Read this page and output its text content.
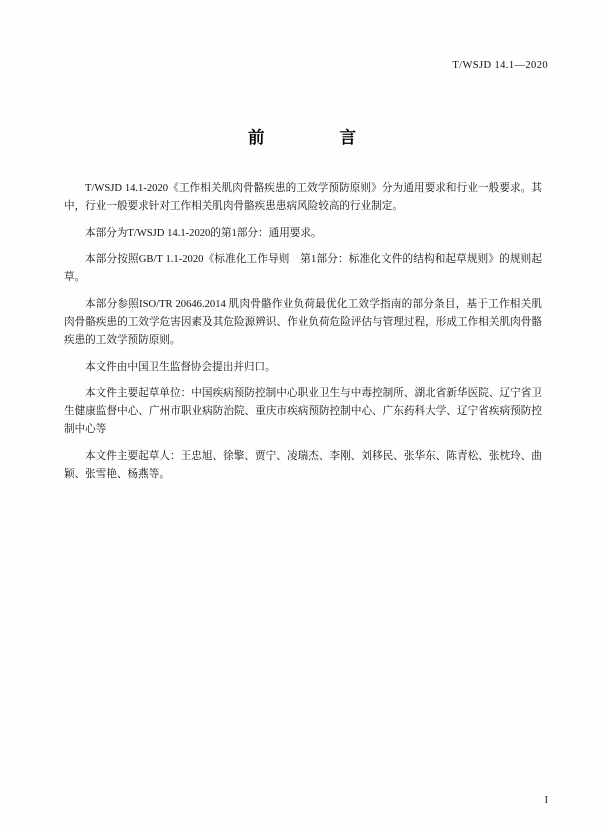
T/WSJD 14.1—2020
前　　言

T/WSJD 14.1-2020《工作相关肌肉骨骼疾患的工效学预防原则》分为通用要求和行业一般要求。其中，行业一般要求针对工作相关肌肉骨骼疾患患病风险较高的行业制定。

本部分为T/WSJD 14.1-2020的第1部分：通用要求。

本部分按照GB/T 1.1-2020《标准化工作导则　第1部分：标准化文件的结构和起草规则》的规则起草。

本部分参照ISO/TR 20646.2014 肌肉骨骼作业负荷最优化工效学指南的部分条目，基于工作相关肌肉骨骼疾患的工效学危害因素及其危险源辨识、作业负荷危险评估与管理过程，形成工作相关肌肉骨骼疾患的工效学预防原则。

本文件由中国卫生监督协会提出并归口。

本文件主要起草单位：中国疾病预防控制中心职业卫生与中毒控制所、湖北省新华医院、辽宁省卫生健康监督中心、广州市职业病防治院、重庆市疾病预防控制中心、广东药科大学、辽宁省疾病预防控制中心等

本文件主要起草人：王忠旭、徐擎、贾宁、凌瑞杰、李刚、刘移民、张华东、陈青松、张枕玲、曲颖、张雪艳、杨燕等。

I
